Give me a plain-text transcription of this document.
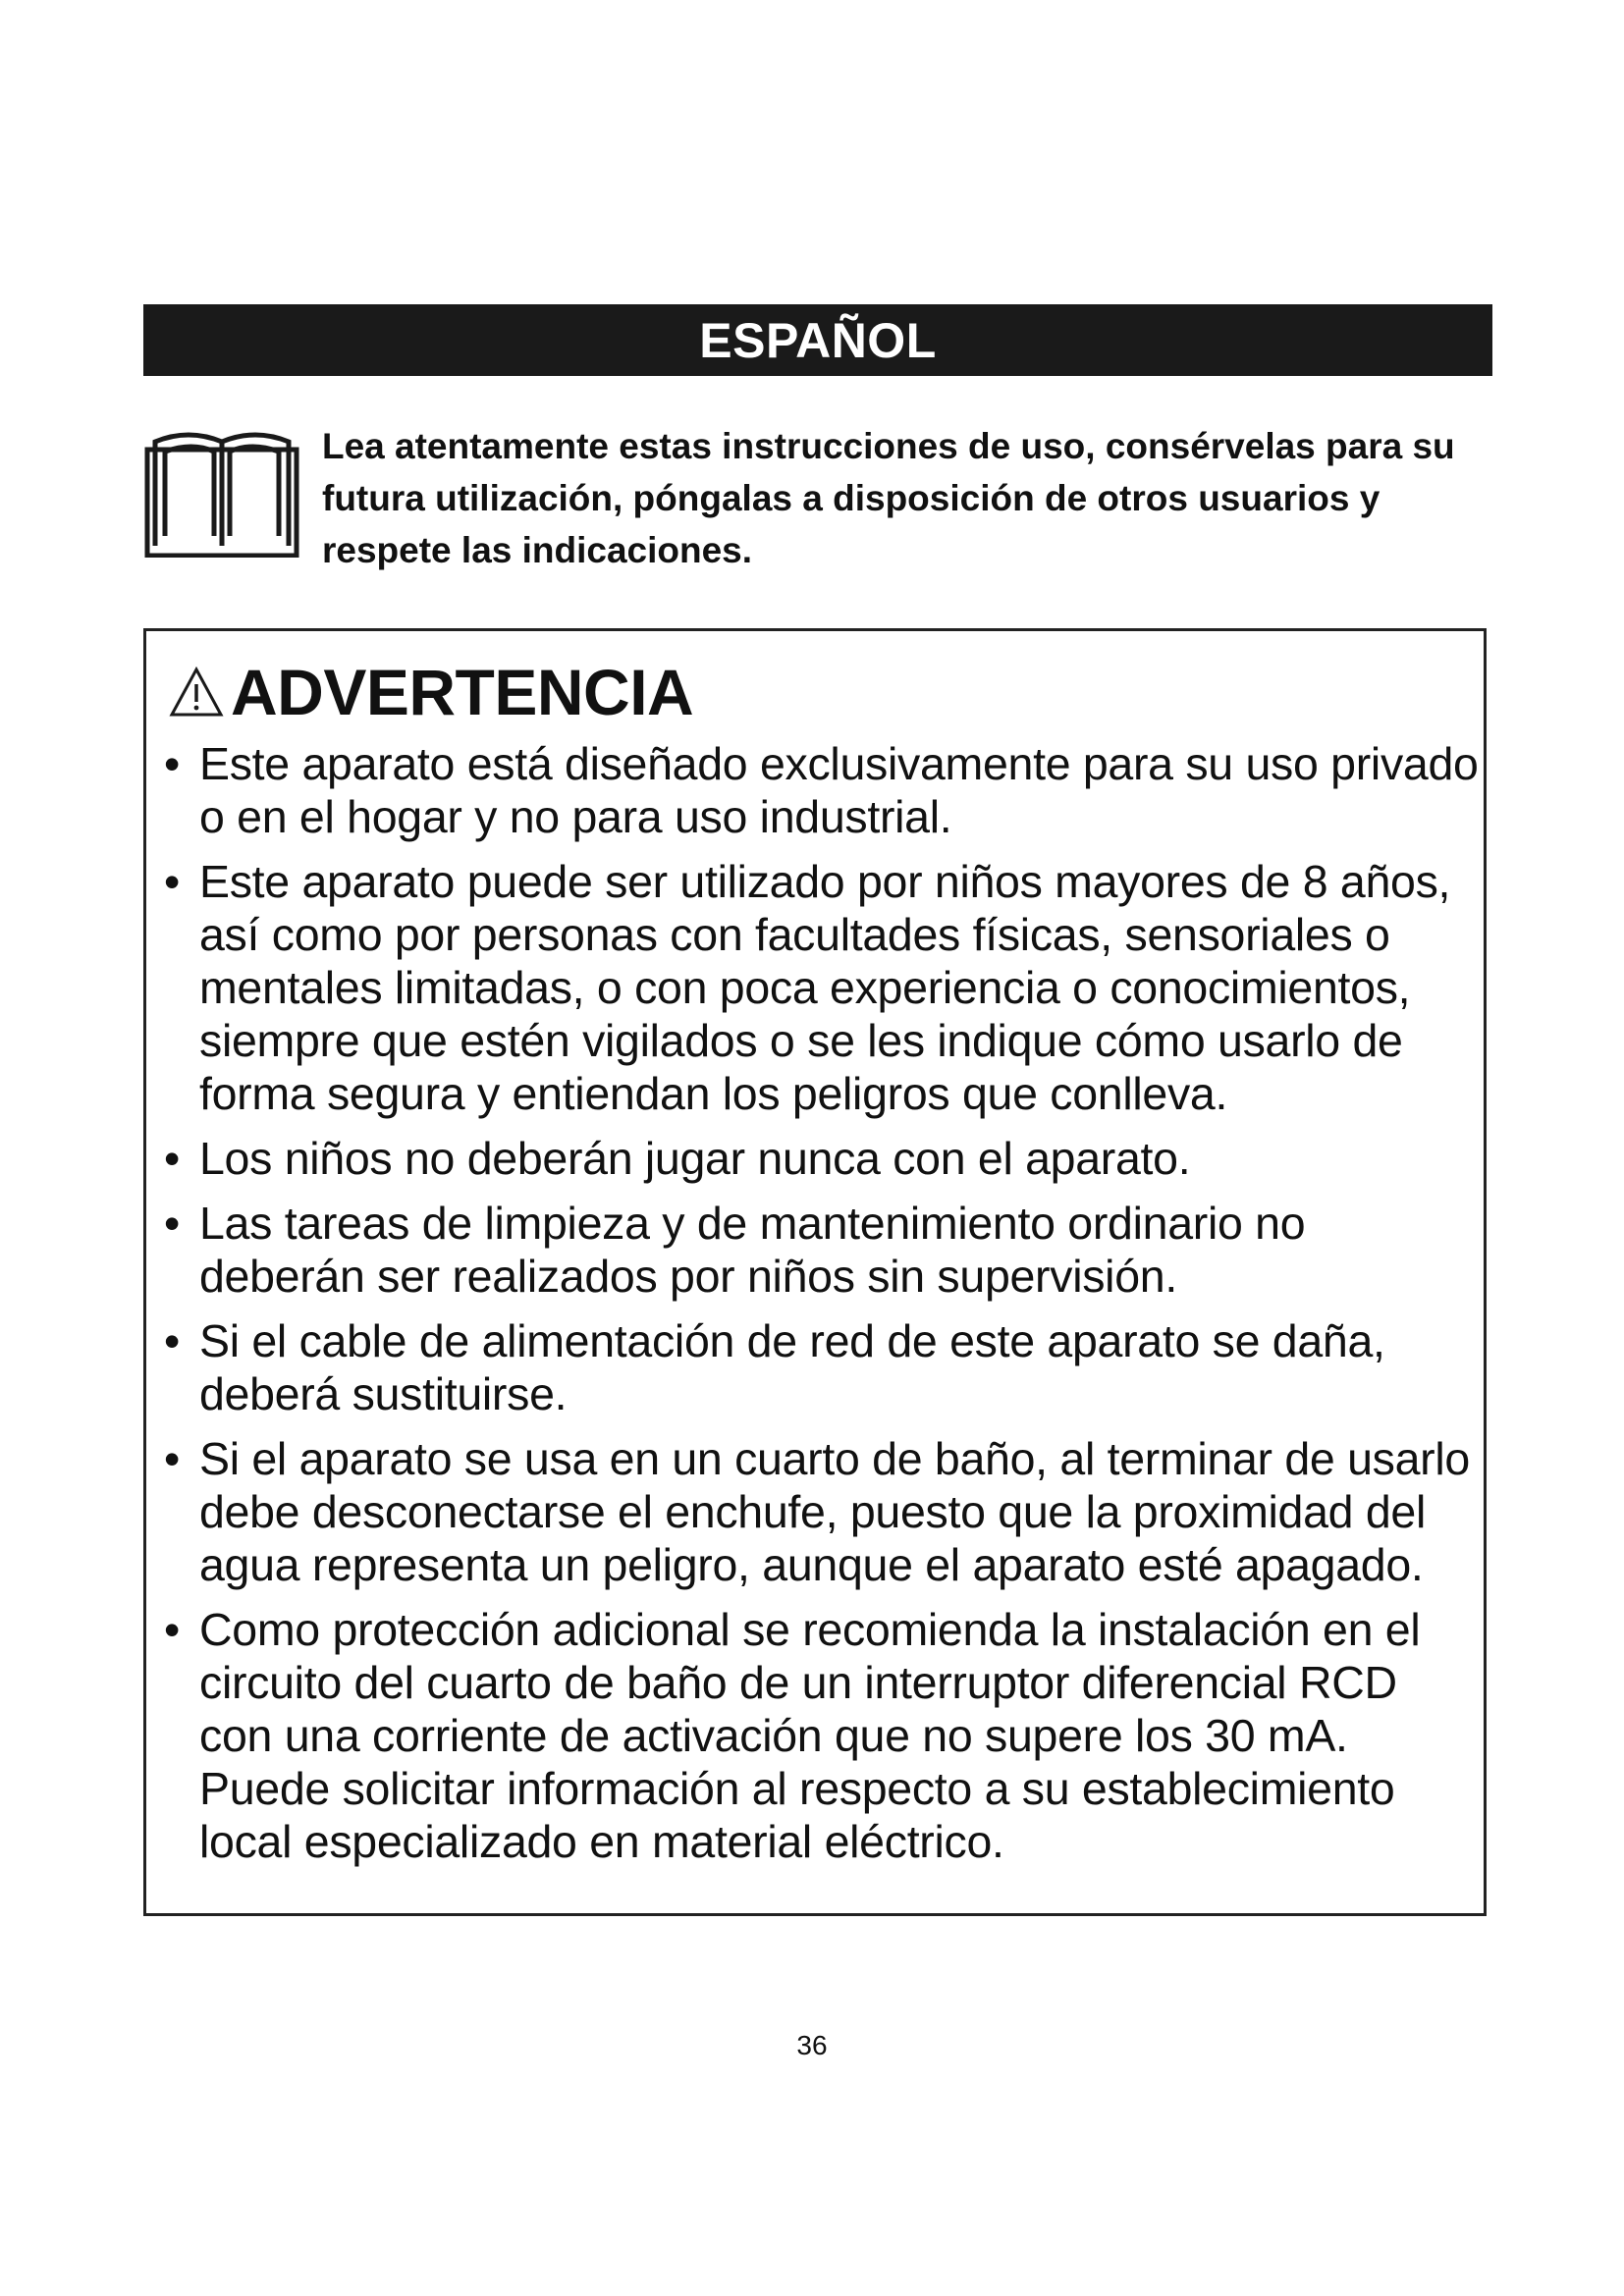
ESPAÑOL
Lea atentamente estas instrucciones de uso, consérvelas para su futura utilización, póngalas a disposición de otros usuarios y respete las indicaciones.
ADVERTENCIA
• Este aparato está diseñado exclusivamente para su uso privado o en el hogar y no para uso industrial.
• Este aparato puede ser utilizado por niños mayores de 8 años, así como por personas con facultades físicas, sensoriales o mentales limitadas, o con poca experiencia o conocimientos, siempre que estén vigilados o se les indique cómo usarlo de forma segura y entiendan los peligros que conlleva.
• Los niños no deberán jugar nunca con el aparato.
• Las tareas de limpieza y de mantenimiento ordinario no deberán ser realizados por niños sin supervisión.
• Si el cable de alimentación de red de este aparato se daña, deberá sustituirse.
• Si el aparato se usa en un cuarto de baño, al terminar de usarlo debe desconectarse el enchufe, puesto que la proximidad del agua representa un peligro, aunque el aparato esté apagado.
• Como protección adicional se recomienda la instalación en el circuito del cuarto de baño de un interruptor diferencial RCD con una corriente de activación que no supere los 30 mA. Puede solicitar información al respecto a su establecimiento local especializado en material eléctrico.
36
